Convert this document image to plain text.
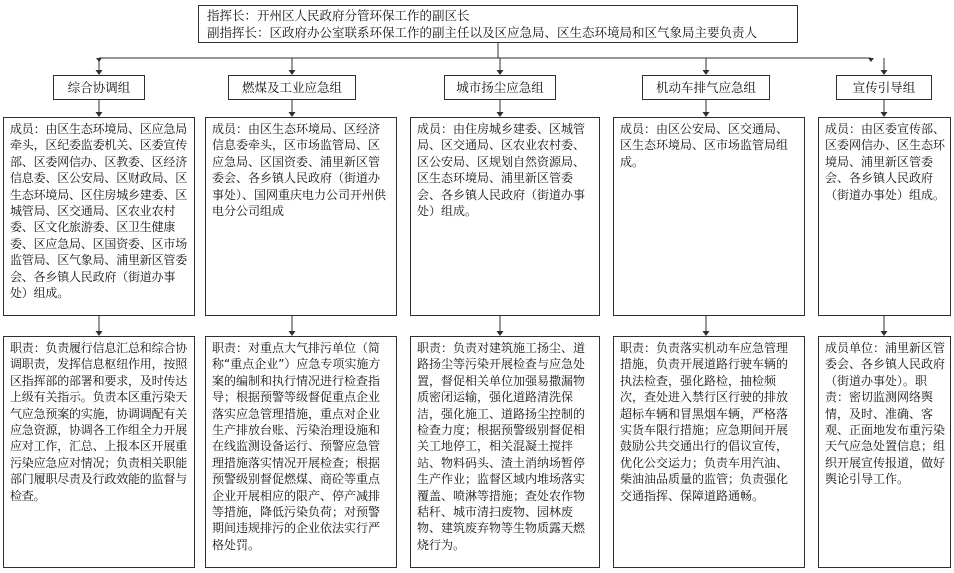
指挥长：开州区人民政府分管环保工作的副区长
副指挥长：区政府办公室联系环保工作的副主任以及区应急局、区生态环境局和区气象局主要负责人
综合协调组
成员：由区生态环境局、区应急局牵头，区纪委监委机关、区委宣传部、区委网信办、区教委、区经济信息委、区公安局、区财政局、区生态环境局、区住房城乡建委、区城管局、区交通局、区农业农村委、区文化旅游委、区卫生健康委、区应急局、区国资委、区市场监管局、区气象局、浦里新区管委会、各乡镇人民政府（街道办事处）组成。
职责：负责履行信息汇总和综合协调职责，发挥信息枢纽作用，按照区指挥部的部署和要求，及时传达上级有关指示。负责本区重污染天气应急预案的实施，协调调配有关应急资源，协调各工作组全力开展应对工作，汇总、上报本区开展重污染应急应对情况；负责相关职能部门履职尽责及行政效能的监督与检查。
燃煤及工业应急组
成员：由区生态环境局、区经济信息委牵头，区市场监管局、区应急局、区国资委、浦里新区管委会、各乡镇人民政府（街道办事处）、国网重庆电力公司开州供电分公司组成
职责：对重点大气排污单位（简称“重点企业”）应急专项实施方案的编制和执行情况进行检查指导；根据预警等级督促重点企业落实应急管理措施，重点对企业生产排放台账、污染治理设施和在线监测设备运行、预警应急管理措施落实情况开展检查；根据预警级别督促燃煤、商砼等重点企业开展相应的限产、停产减排等措施，降低污染负荷；对预警期间违规排污的企业依法实行严格处罚。
城市扬尘应急组
成员：由住房城乡建委、区城管局、区交通局、区农业农村委、区公安局、区规划自然资源局、区生态环境局、浦里新区管委会、各乡镇人民政府（街道办事处）组成。
职责：负责对建筑施工扬尘、道路扬尘等污染开展检查与应急处置，督促相关单位加强易撒漏物质密闭运输，强化道路清洗保洁，强化施工、道路扬尘控制的检查力度；根据预警级别督促相关工地停工，相关混凝土搅拌站、物料码头、渣土消纳场暂停生产作业；监督区域内堆场落实覆盖、喷淋等措施；查处农作物秸秆、城市清扫废物、园林废物、建筑废弃物等生物质露天燃烧行为。
机动车排气应急组
成员：由区公安局、区交通局、区生态环境局、区市场监管局组成。
职责：负责落实机动车应急管理措施，负责开展道路行驶车辆的执法检查，强化路检，抽检频次，查处进入禁行区行驶的排放超标车辆和冒黑烟车辆，严格落实货车限行措施；应急期间开展鼓励公共交通出行的倡议宣传，优化公交运力；负责车用汽油、柴油油品质量的监管；负责强化交通指挥、保障道路通畅。
宣传引导组
成员：由区委宣传部、区委网信办、区生态环境局、浦里新区管委会、各乡镇人民政府（街道办事处）组成。
成员单位：浦里新区管委会、各乡镇人民政府（街道办事处）。职责：密切监测网络舆情，及时、准确、客观、正面地发布重污染天气应急处置信息；组织开展宣传报道，做好舆论引导工作。
